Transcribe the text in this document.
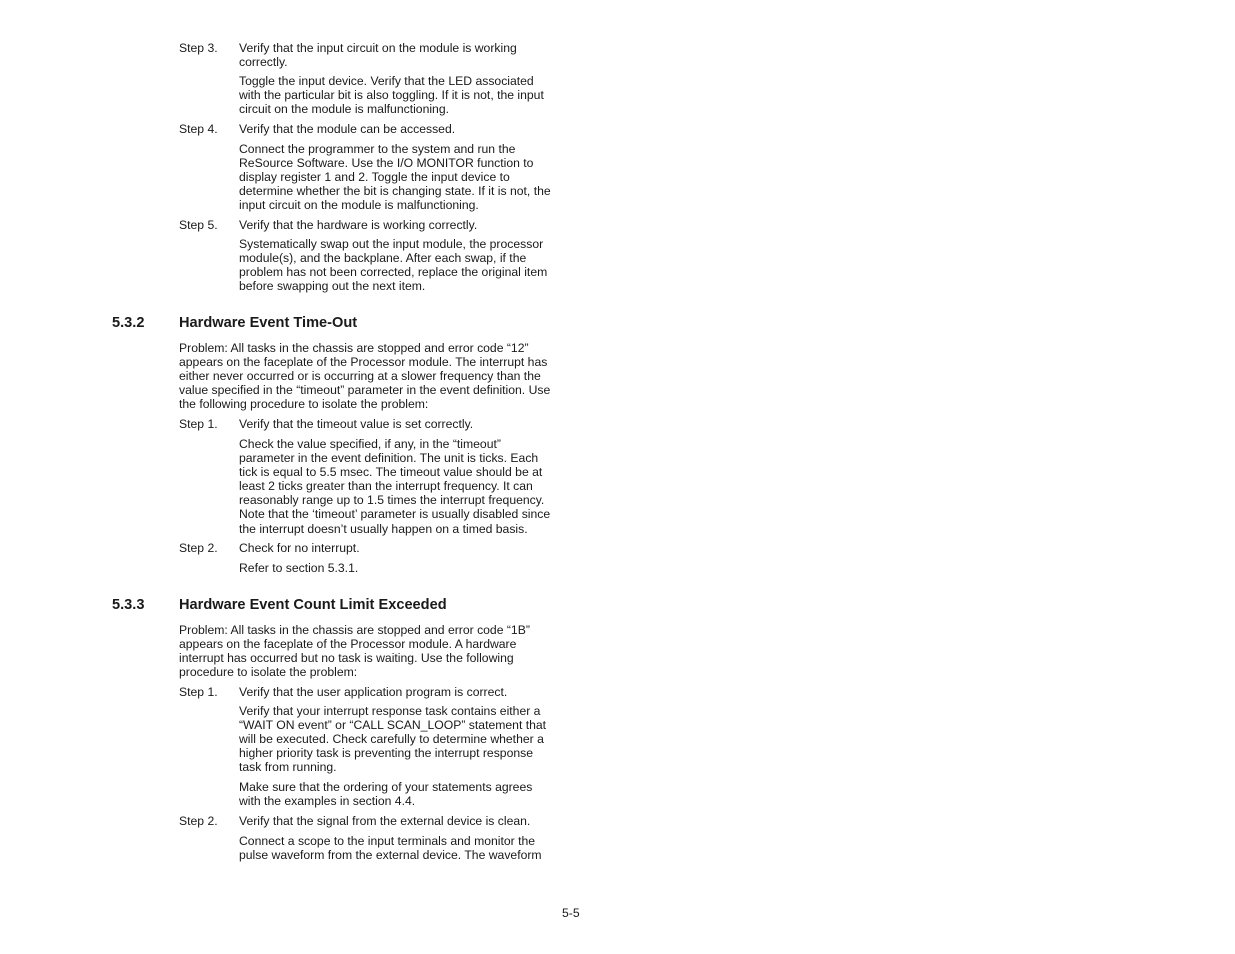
Step 3. Verify that the input circuit on the module is working
correctly.
Toggle the input device. Verify that the LED associated
with the particular bit is also toggling. If it is not, the input
circuit on the module is malfunctioning.
Step 4. Verify that the module can be accessed.
Connect the programmer to the system and run the
ReSource Software. Use the I/O MONITOR function to
display register 1 and 2. Toggle the input device to
determine whether the bit is changing state. If it is not, the
input circuit on the module is malfunctioning.
Step 5. Verify that the hardware is working correctly.
Systematically swap out the input module, the processor
module(s), and the backplane. After each swap, if the
problem has not been corrected, replace the original item
before swapping out the next item.
5.3.2 Hardware Event Time-Out
Problem: All tasks in the chassis are stopped and error code “12”
appears on the faceplate of the Processor module. The interrupt has
either never occurred or is occurring at a slower frequency than the
value specified in the “timeout” parameter in the event definition. Use
the following procedure to isolate the problem:
Step 1. Verify that the timeout value is set correctly.
Check the value specified, if any, in the “timeout”
parameter in the event definition. The unit is ticks. Each
tick is equal to 5.5 msec. The timeout value should be at
least 2 ticks greater than the interrupt frequency. It can
reasonably range up to 1.5 times the interrupt frequency.
Note that the ‘timeout’ parameter is usually disabled since
the interrupt doesn’t usually happen on a timed basis.
Step 2. Check for no interrupt.
Refer to section 5.3.1.
5.3.3 Hardware Event Count Limit Exceeded
Problem: All tasks in the chassis are stopped and error code “1B”
appears on the faceplate of the Processor module. A hardware
interrupt has occurred but no task is waiting. Use the following
procedure to isolate the problem:
Step 1. Verify that the user application program is correct.
Verify that your interrupt response task contains either a
“WAIT ON event” or “CALL SCAN_LOOP” statement that
will be executed. Check carefully to determine whether a
higher priority task is preventing the interrupt response
task from running.
Make sure that the ordering of your statements agrees
with the examples in section 4.4.
Step 2. Verify that the signal from the external device is clean.
Connect a scope to the input terminals and monitor the
pulse waveform from the external device. The waveform
5-5
